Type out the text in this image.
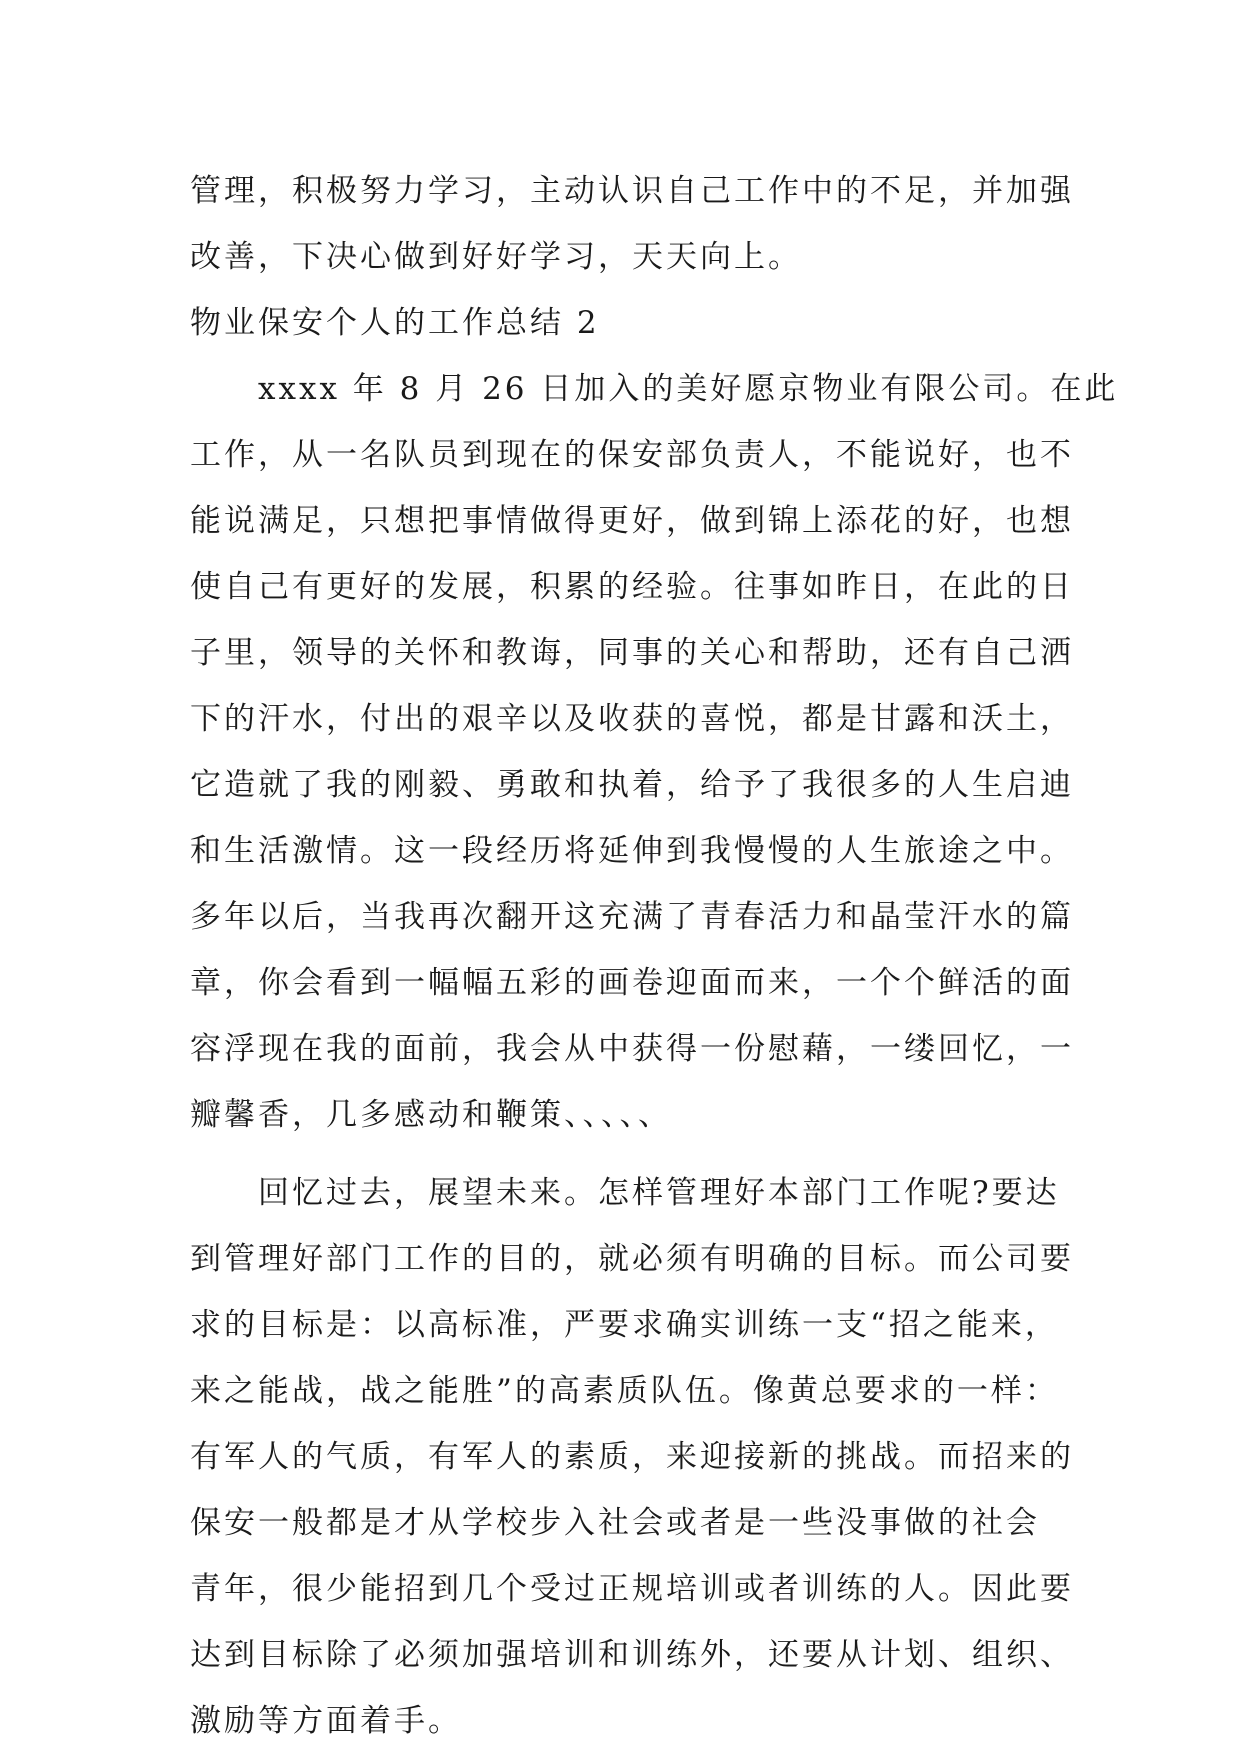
管理，积极努力学习，主动认识自己工作中的不足，并加强
改善，下决心做到好好学习，天天向上。
物业保安个人的工作总结 2
xxxx 年 8 月 26 日加入的美好愿京物业有限公司。在此
工作，从一名队员到现在的保安部负责人，不能说好，也不
能说满足，只想把事情做得更好，做到锦上添花的好，也想
使自己有更好的发展，积累的经验。往事如昨日，在此的日
子里，领导的关怀和教诲，同事的关心和帮助，还有自己洒
下的汗水，付出的艰辛以及收获的喜悦，都是甘露和沃土，
它造就了我的刚毅、勇敢和执着，给予了我很多的人生启迪
和生活激情。这一段经历将延伸到我慢慢的人生旅途之中。
多年以后，当我再次翻开这充满了青春活力和晶莹汗水的篇
章，你会看到一幅幅五彩的画卷迎面而来，一个个鲜活的面
容浮现在我的面前，我会从中获得一份慰藉，一缕回忆，一
瓣馨香，几多感动和鞭策、、、、、
回忆过去，展望未来。怎样管理好本部门工作呢?要达
到管理好部门工作的目的，就必须有明确的目标。而公司要
求的目标是：以高标准，严要求确实训练一支“招之能来，
来之能战，战之能胜”的高素质队伍。像黄总要求的一样：
有军人的气质，有军人的素质，来迎接新的挑战。而招来的
保安一般都是才从学校步入社会或者是一些没事做的社会
青年，很少能招到几个受过正规培训或者训练的人。因此要
达到目标除了必须加强培训和训练外，还要从计划、组织、
激励等方面着手。
